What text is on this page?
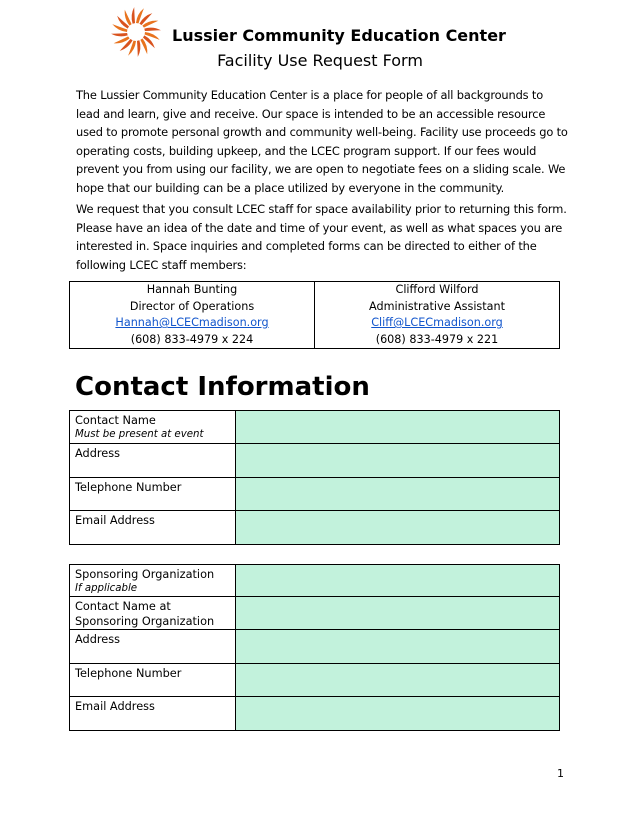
Lussier Community Education Center
Facility Use Request Form

The Lussier Community Education Center is a place for people of all backgrounds to lead and learn, give and receive. Our space is intended to be an accessible resource used to promote personal growth and community well-being. Facility use proceeds go to operating costs, building upkeep, and the LCEC program support. If our fees would prevent you from using our facility, we are open to negotiate fees on a sliding scale. We hope that our building can be a place utilized by everyone in the community.

We request that you consult LCEC staff for space availability prior to returning this form. Please have an idea of the date and time of your event, as well as what spaces you are interested in. Space inquiries and completed forms can be directed to either of the following LCEC staff members:

Hannah Bunting
Director of Operations
Hannah@LCECmadison.org
(608) 833-4979 x 224

Clifford Wilford
Administrative Assistant
Cliff@LCECmadison.org
(608) 833-4979 x 221
Contact Information
Contact Name
Must be present at event	

Address	
Telephone Number	
Email Address	
Sponsoring Organization
If applicable	

Contact Name at Sponsoring Organization	
Address	
Telephone Number	
Email Address	
1
